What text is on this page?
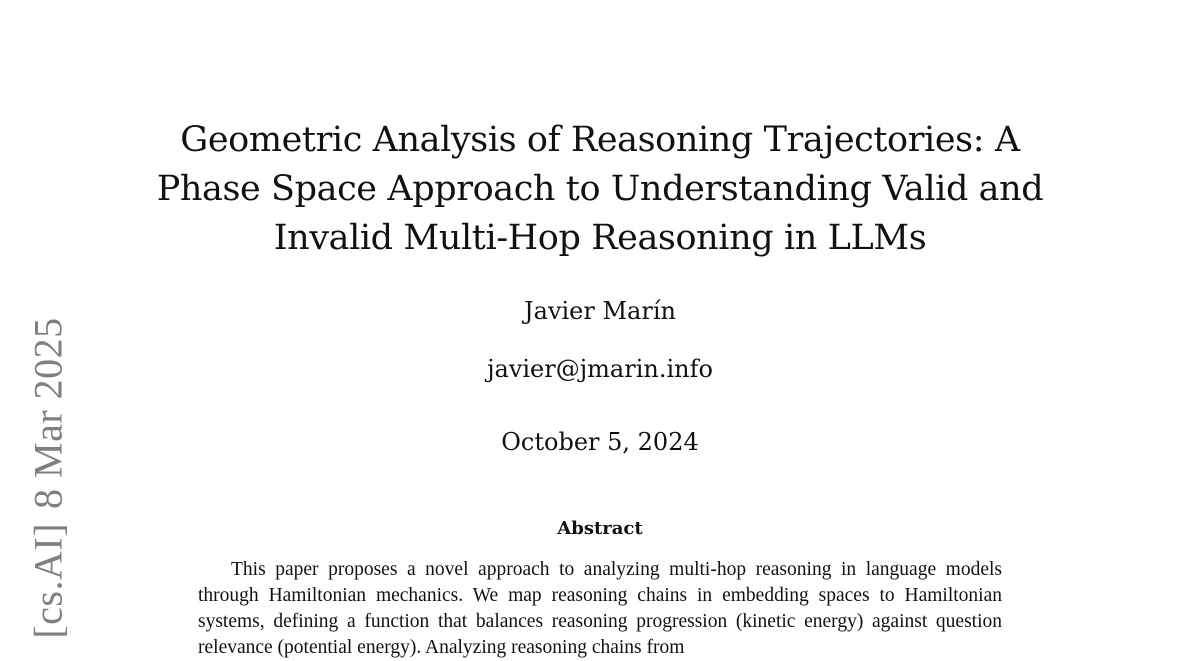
[cs.AI]8 Mar 2025
Geometric Analysis of Reasoning Trajectories: A Phase Space Approach to Understanding Valid and Invalid Multi-Hop Reasoning in LLMs
Javier Marín
javier@jmarin.info
October 5, 2024
Abstract

This paper proposes a novel approach to analyzing multi-hop reasoning in language models through Hamiltonian mechanics. We map reasoning chains in embedding spaces to Hamiltonian systems, defining a function that balances reasoning progression (kinetic energy) against question relevance (potential energy). Analyzing reasoning chains from
